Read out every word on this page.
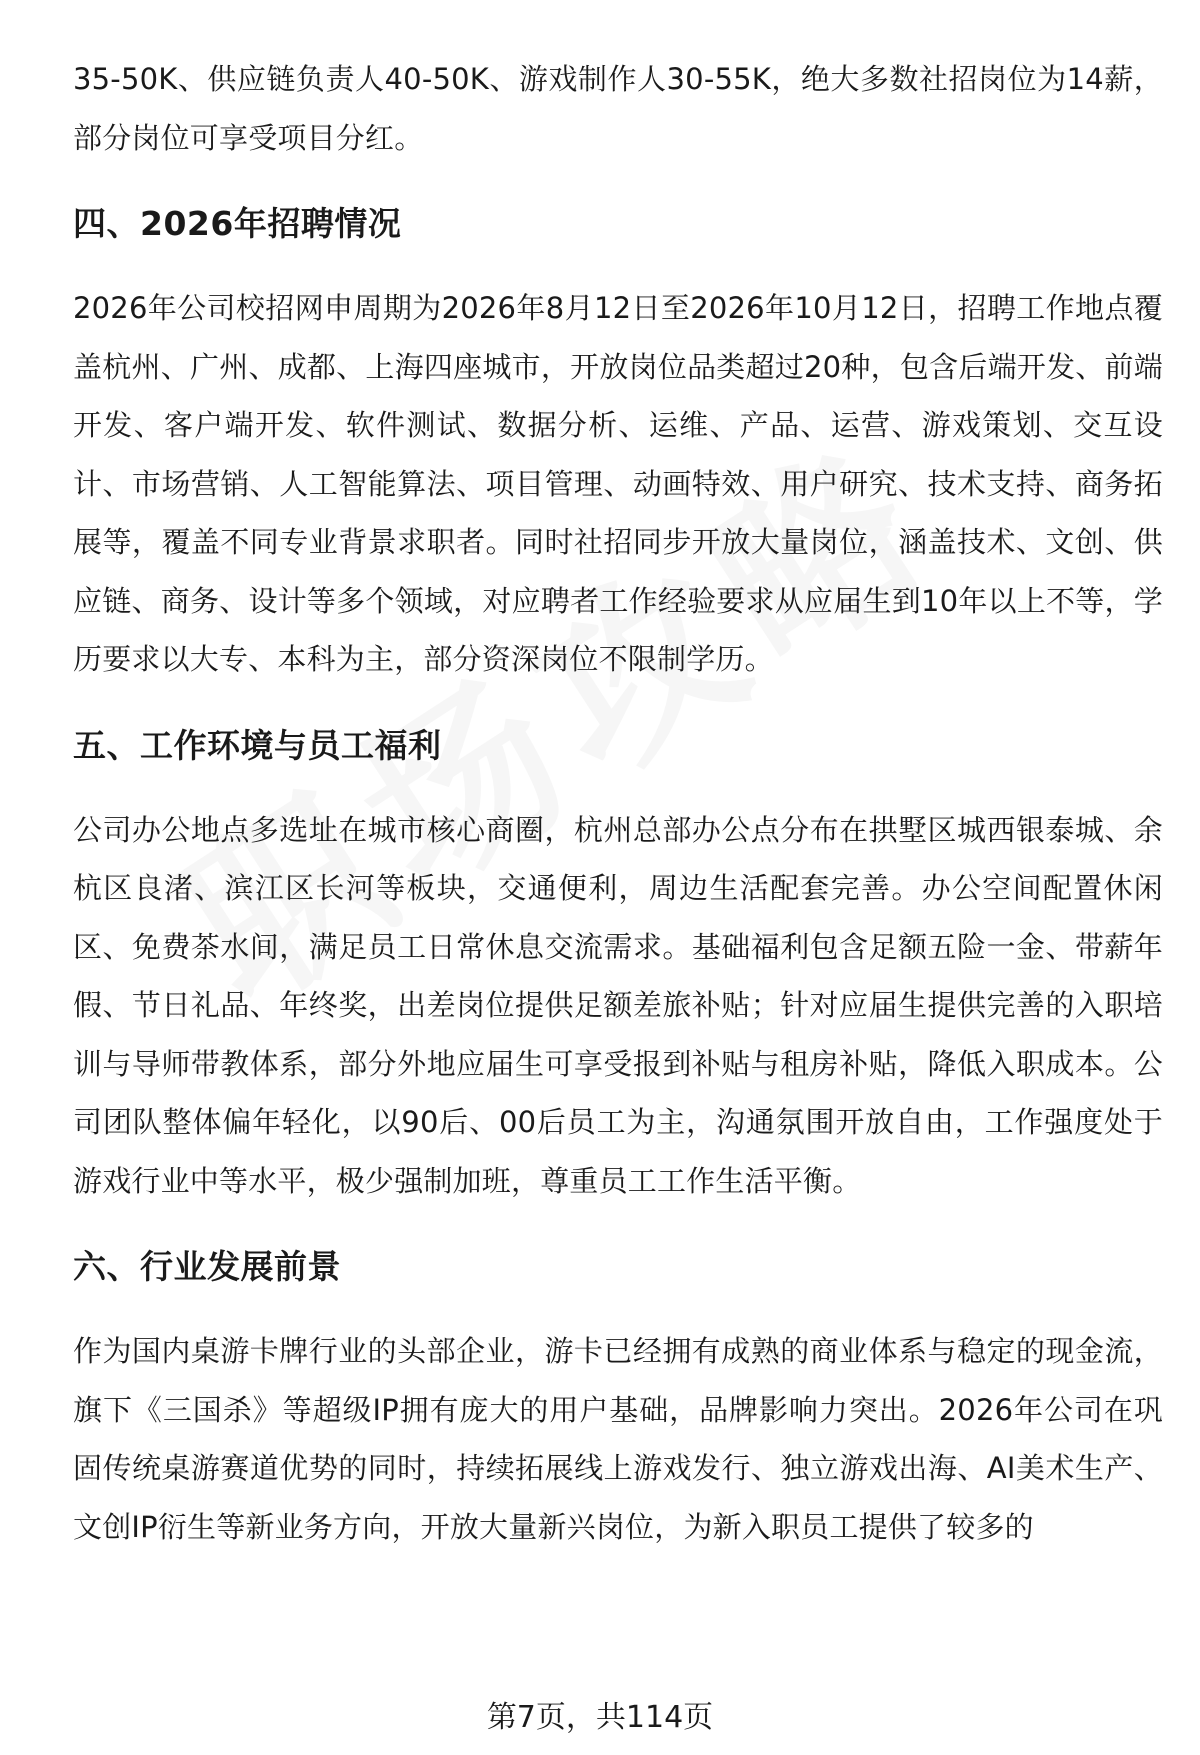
35-50K、供应链负责人40-50K、游戏制作人30-55K，绝大多数社招岗位为14薪，部分岗位可享受项目分红。

四、2026年招聘情况

2026年公司校招网申周期为2026年8月12日至2026年10月12日，招聘工作地点覆盖杭州、广州、成都、上海四座城市，开放岗位品类超过20种，包含后端开发、前端开发、客户端开发、软件测试、数据分析、运维、产品、运营、游戏策划、交互设计、市场营销、人工智能算法、项目管理、动画特效、用户研究、技术支持、商务拓展等，覆盖不同专业背景求职者。同时社招同步开放大量岗位，涵盖技术、文创、供应链、商务、设计等多个领域，对应聘者工作经验要求从应届生到10年以上不等，学历要求以大专、本科为主，部分资深岗位不限制学历。

五、工作环境与员工福利

公司办公地点多选址在城市核心商圈，杭州总部办公点分布在拱墅区城西银泰城、余杭区良渚、滨江区长河等板块，交通便利，周边生活配套完善。办公空间配置休闲区、免费茶水间，满足员工日常休息交流需求。基础福利包含足额五险一金、带薪年假、节日礼品、年终奖，出差岗位提供足额差旅补贴；针对应届生提供完善的入职培训与导师带教体系，部分外地应届生可享受报到补贴与租房补贴，降低入职成本。公司团队整体偏年轻化，以90后、00后员工为主，沟通氛围开放自由，工作强度处于游戏行业中等水平，极少强制加班，尊重员工工作生活平衡。

六、行业发展前景

作为国内桌游卡牌行业的头部企业，游卡已经拥有成熟的商业体系与稳定的现金流，旗下《三国杀》等超级IP拥有庞大的用户基础，品牌影响力突出。2026年公司在巩固传统桌游赛道优势的同时，持续拓展线上游戏发行、独立游戏出海、AI美术生产、文创IP衍生等新业务方向，开放大量新兴岗位，为新入职员工提供了较多的

第7页，共114页
